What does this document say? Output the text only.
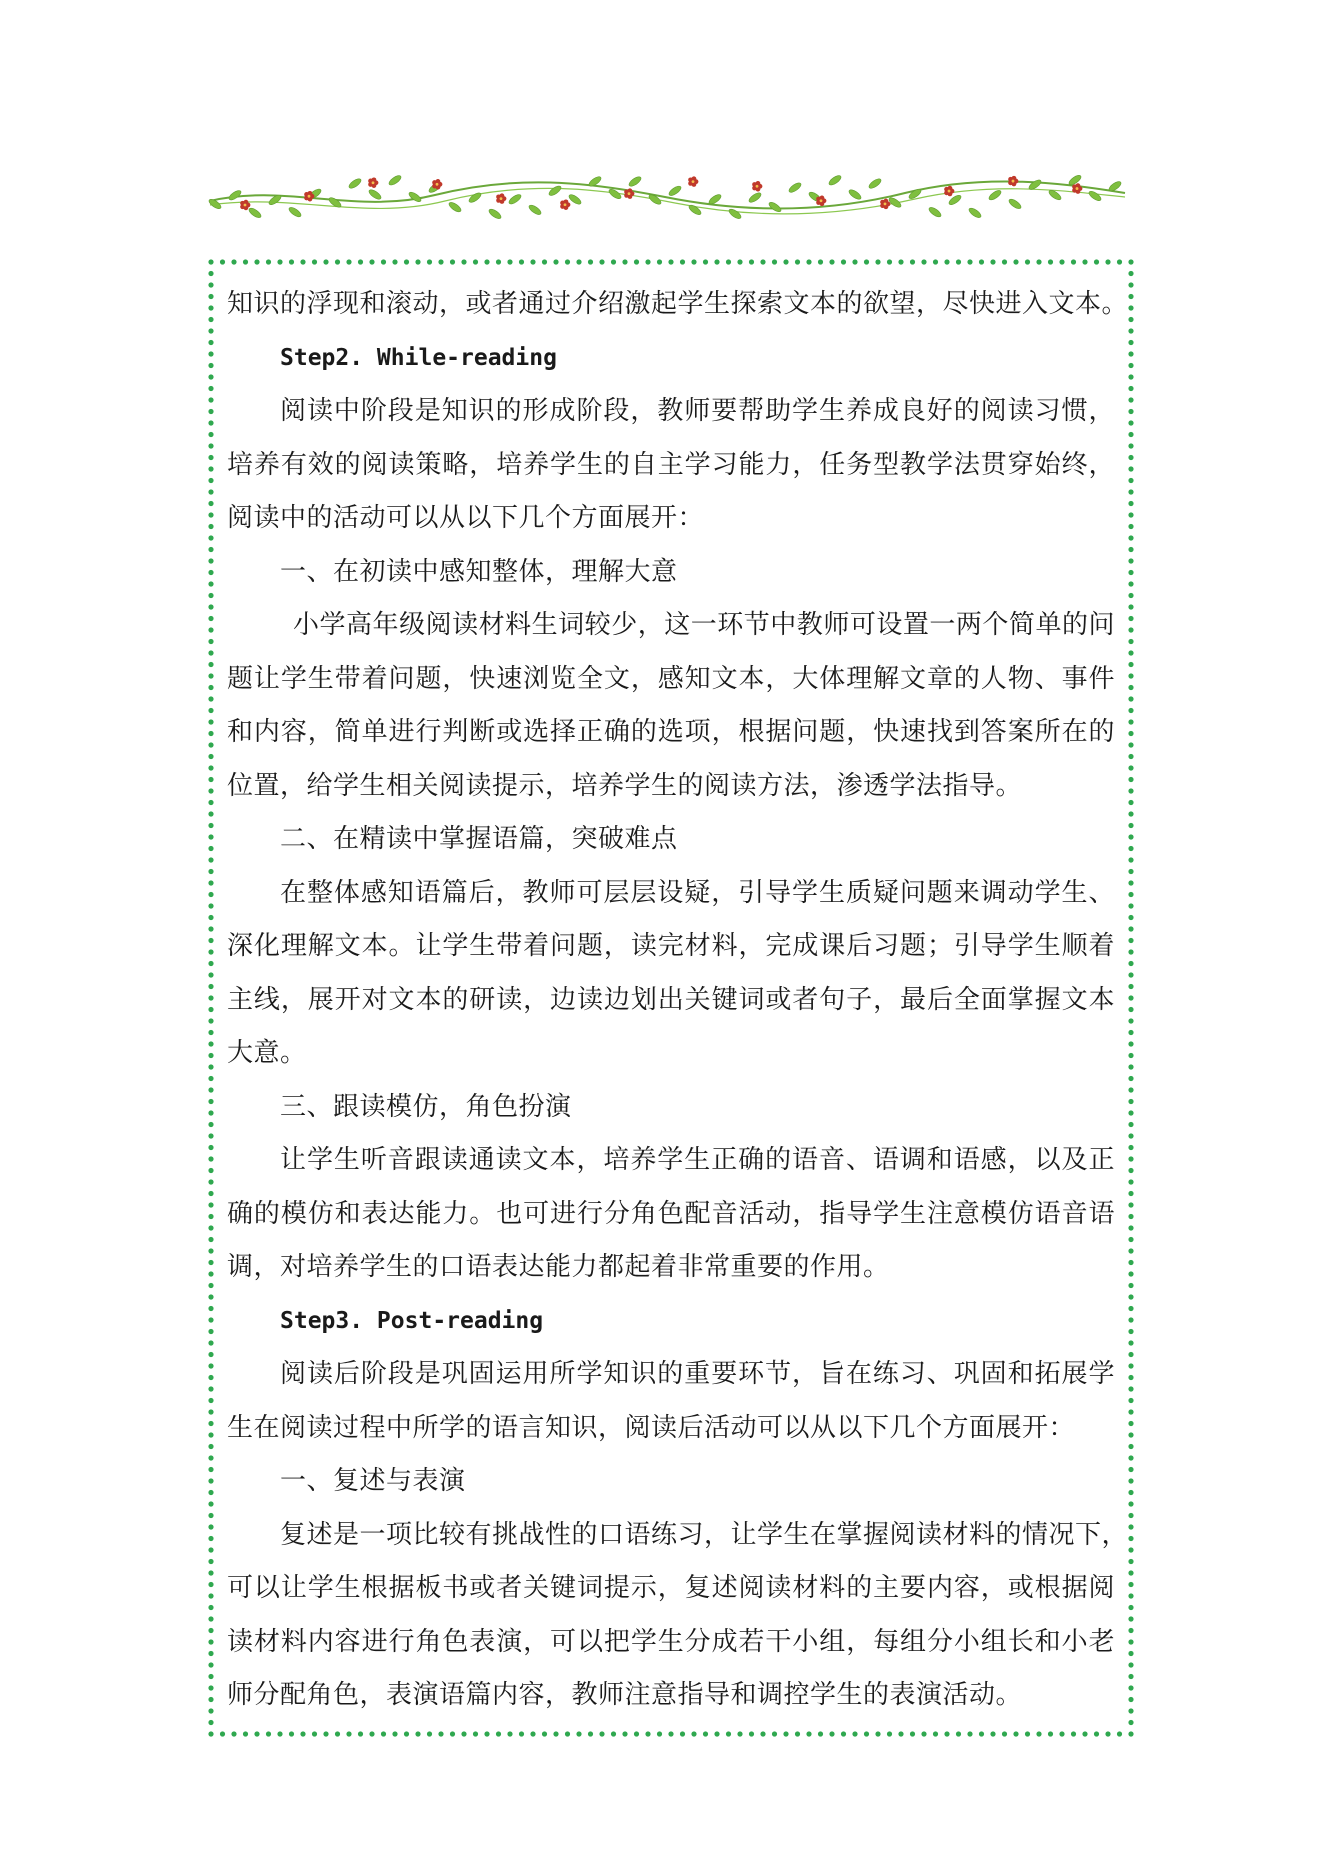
知识的浮现和滚动，或者通过介绍激起学生探索文本的欲望，尽快进入文本。
Step2. While-reading
阅读中阶段是知识的形成阶段，教师要帮助学生养成良好的阅读习惯，
培养有效的阅读策略，培养学生的自主学习能力，任务型教学法贯穿始终，
阅读中的活动可以从以下几个方面展开：
一、在初读中感知整体，理解大意
小学高年级阅读材料生词较少，这一环节中教师可设置一两个简单的问
题让学生带着问题，快速浏览全文，感知文本，大体理解文章的人物、事件
和内容，简单进行判断或选择正确的选项，根据问题，快速找到答案所在的
位置，给学生相关阅读提示，培养学生的阅读方法，渗透学法指导。
二、在精读中掌握语篇，突破难点
在整体感知语篇后，教师可层层设疑，引导学生质疑问题来调动学生、
深化理解文本。让学生带着问题，读完材料，完成课后习题；引导学生顺着
主线，展开对文本的研读，边读边划出关键词或者句子，最后全面掌握文本
大意。
三、跟读模仿，角色扮演
让学生听音跟读通读文本，培养学生正确的语音、语调和语感，以及正
确的模仿和表达能力。也可进行分角色配音活动，指导学生注意模仿语音语
调，对培养学生的口语表达能力都起着非常重要的作用。
Step3. Post-reading
阅读后阶段是巩固运用所学知识的重要环节，旨在练习、巩固和拓展学
生在阅读过程中所学的语言知识，阅读后活动可以从以下几个方面展开：
一、复述与表演
复述是一项比较有挑战性的口语练习，让学生在掌握阅读材料的情况下，
可以让学生根据板书或者关键词提示，复述阅读材料的主要内容，或根据阅
读材料内容进行角色表演，可以把学生分成若干小组，每组分小组长和小老
师分配角色，表演语篇内容，教师注意指导和调控学生的表演活动。
